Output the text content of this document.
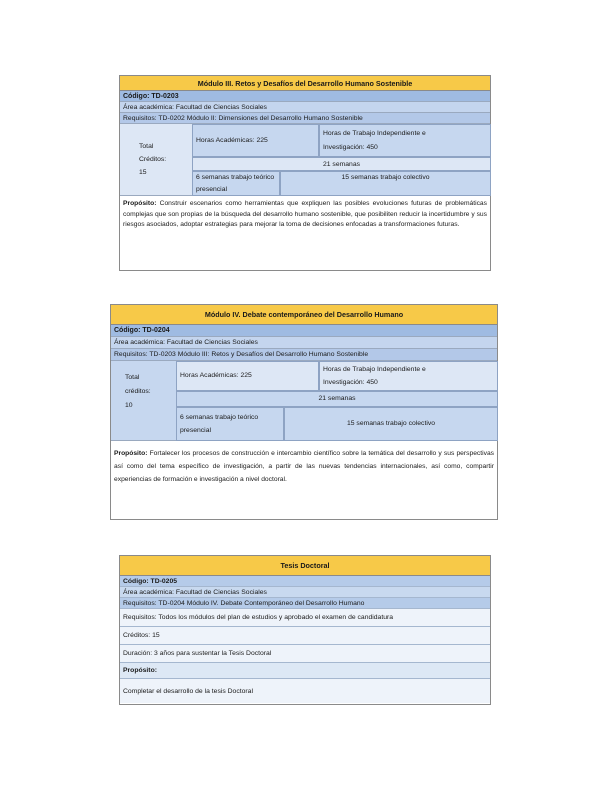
Módulo III. Retos y Desafíos del Desarrollo Humano Sostenible
Código: TD-0203
Área académica: Facultad de Ciencias Sociales
Requisitos: TD-0202 Módulo II: Dimensiones del Desarrollo Humano Sostenible
Total
Créditos:
15
Horas Académicas: 225
Horas de Trabajo Independiente e
Investigación: 450
21 semanas
6 semanas trabajo teórico
presencial
15 semanas trabajo colectivo
Propósito: Construir escenarios como herramientas que expliquen las posibles evoluciones futuras de problemáticas complejas que son propias de la búsqueda del desarrollo humano sostenible, que posibiliten reducir la incertidumbre y sus riesgos asociados, adoptar estrategias para mejorar la toma de decisiones enfocadas a transformaciones futuras.
Módulo IV. Debate contemporáneo del Desarrollo Humano
Código: TD-0204
Área académica: Facultad de Ciencias Sociales
Requisitos: TD-0203 Módulo III: Retos y Desafíos del Desarrollo Humano Sostenible
Total
créditos:
10
Horas Académicas: 225
Horas de Trabajo Independiente e
Investigación: 450
21 semanas
6 semanas trabajo teórico
presencial
15 semanas trabajo colectivo
Propósito: Fortalecer los procesos de construcción e intercambio científico sobre la temática del desarrollo y sus perspectivas así como del tema específico de investigación, a partir de las nuevas tendencias internacionales, así como, compartir experiencias de formación e investigación a nivel doctoral.
Tesis Doctoral
Código: TD-0205
Área académica: Facultad de Ciencias Sociales
Requisitos: TD-0204 Módulo IV. Debate Contemporáneo del Desarrollo Humano
Requisitos: Todos los módulos del plan de estudios y aprobado el examen de candidatura
Créditos: 15
Duración: 3 años para sustentar la Tesis Doctoral
Propósito:
Completar el desarrollo de la tesis Doctoral
